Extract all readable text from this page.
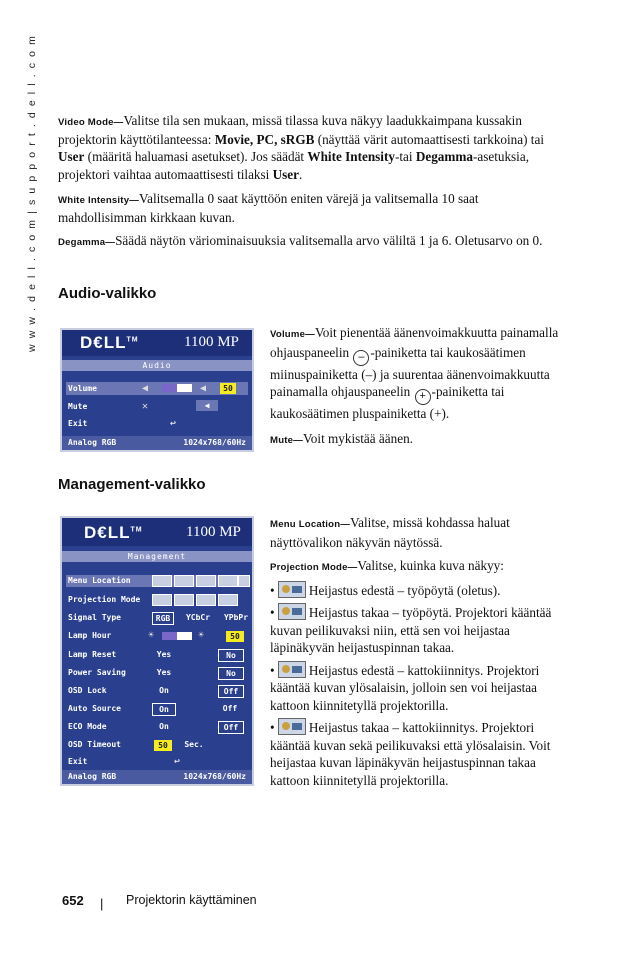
w w w . d e l l . c o m | s u p p o r t . d e l l . c o m Video Mode—Valitse tila sen mukaan, missä tilassa kuva näkyy laadukkaimpana kussakin projektorin käyttötilanteessa: Movie, PC, sRGB (näyttää värit automaattisesti tarkkoina) tai User (määritä haluamasi asetukset). Jos säädät White Intensity-tai Degamma-asetuksia, projektori vaihtaa automaattisesti tilaksi User.

White Intensity—Valitsemalla 0 saat käyttöön eniten värejä ja valitsemalla 10 saat mahdollisimman kirkkaan kuvan.

Degamma—Säädä näytön väriominaisuuksia valitsemalla arvo väliltä 1 ja 6. Oletusarvo on 0.

Audio-valikko
D€LL™	1100 MP
Audio
Volume	◀	◀	50
Mute	✕	◀
Exit	↩
Analog RGB	1024x768/60Hz

Volume—Voit pienentää äänenvoimakkuutta painamalla ohjauspaneelin – -painiketta tai kaukosäätimen miinuspainiketta (–) ja suurentaa äänenvoimakkuutta painamalla ohjauspaneelin + -painiketta tai kaukosäätimen pluspainiketta (+).

Mute—Voit mykistää äänen.

Management-valikko
D€LL™	1100 MP
Management
Menu Location
Projection Mode
Signal Type	RGB	YCbCr YPbPr
Lamp Hour	☀	☀	50
Lamp Reset	Yes	No
Power Saving	Yes	No
OSD Lock	On	Off
Auto Source	On	Off
ECO Mode	On	Off
OSD Timeout	50	Sec.
Exit	↩
Analog RGB	1024x768/60Hz

Menu Location—Valitse, missä kohdassa haluat näyttövalikon näkyvän näytössä.

Projection Mode—Valitse, kuinka kuva näkyy:

• Heijastus edestä – työpöytä (oletus).

• Heijastus takaa – työpöytä. Projektori kääntää kuvan peilikuvaksi niin, että sen voi heijastaa läpinäkyvän heijastuspinnan takaa.

• Heijastus edestä – kattokiinnitys. Projektori kääntää kuvan ylösalaisin, jolloin sen voi heijastaa kattoon kiinnitetyllä projektorilla.

• Heijastus takaa – kattokiinnitys. Projektori kääntää kuvan sekä peilikuvaksi että ylösalaisin. Voit heijastaa kuvan läpinäkyvän heijastuspinnan takaa kattoon kiinnitetyllä projektorilla.

652 | Projektorin käyttäminen
